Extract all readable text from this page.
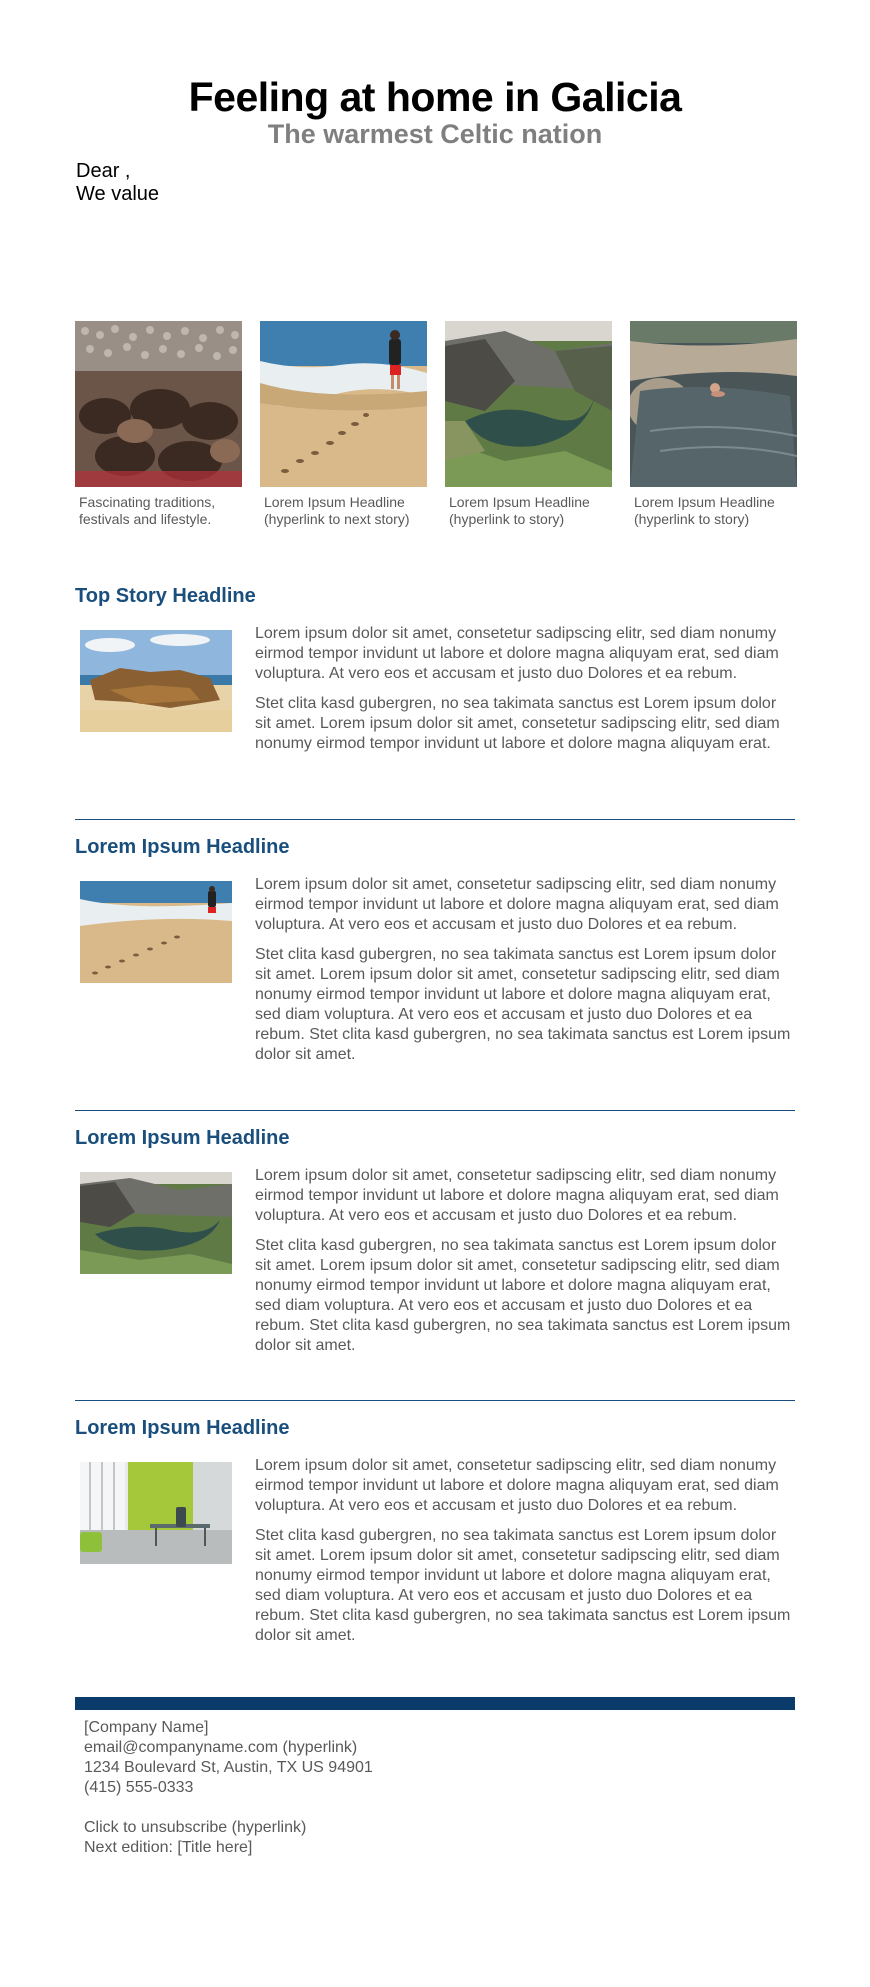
Feeling at home in Galicia
The warmest Celtic nation
Dear ,
We value
Fascinating traditions,
festivals and lifestyle.
Lorem Ipsum Headline
(hyperlink to next story)
Lorem Ipsum Headline
(hyperlink to story)
Lorem Ipsum Headline
(hyperlink to story)
Top Story Headline

Lorem ipsum dolor sit amet, consetetur sadipscing elitr, sed diam nonumy eirmod tempor invidunt ut labore et dolore magna aliquyam erat, sed diam voluptura. At vero eos et accusam et justo duo Dolores et ea rebum.

Stet clita kasd gubergren, no sea takimata sanctus est Lorem ipsum dolor sit amet. Lorem ipsum dolor sit amet, consetetur sadipscing elitr, sed diam nonumy eirmod tempor invidunt ut labore et dolore magna aliquyam erat.

Lorem Ipsum Headline

Lorem ipsum dolor sit amet, consetetur sadipscing elitr, sed diam nonumy eirmod tempor invidunt ut labore et dolore magna aliquyam erat, sed diam voluptura. At vero eos et accusam et justo duo Dolores et ea rebum.

Stet clita kasd gubergren, no sea takimata sanctus est Lorem ipsum dolor sit amet. Lorem ipsum dolor sit amet, consetetur sadipscing elitr, sed diam nonumy eirmod tempor invidunt ut labore et dolore magna aliquyam erat, sed diam voluptura. At vero eos et accusam et justo duo Dolores et ea rebum. Stet clita kasd gubergren, no sea takimata sanctus est Lorem ipsum dolor sit amet.

Lorem Ipsum Headline

Lorem ipsum dolor sit amet, consetetur sadipscing elitr, sed diam nonumy eirmod tempor invidunt ut labore et dolore magna aliquyam erat, sed diam voluptura. At vero eos et accusam et justo duo Dolores et ea rebum.

Stet clita kasd gubergren, no sea takimata sanctus est Lorem ipsum dolor sit amet. Lorem ipsum dolor sit amet, consetetur sadipscing elitr, sed diam nonumy eirmod tempor invidunt ut labore et dolore magna aliquyam erat, sed diam voluptura. At vero eos et accusam et justo duo Dolores et ea rebum. Stet clita kasd gubergren, no sea takimata sanctus est Lorem ipsum dolor sit amet.

Lorem Ipsum Headline

Lorem ipsum dolor sit amet, consetetur sadipscing elitr, sed diam nonumy eirmod tempor invidunt ut labore et dolore magna aliquyam erat, sed diam voluptura. At vero eos et accusam et justo duo Dolores et ea rebum.

Stet clita kasd gubergren, no sea takimata sanctus est Lorem ipsum dolor sit amet. Lorem ipsum dolor sit amet, consetetur sadipscing elitr, sed diam nonumy eirmod tempor invidunt ut labore et dolore magna aliquyam erat, sed diam voluptura. At vero eos et accusam et justo duo Dolores et ea rebum. Stet clita kasd gubergren, no sea takimata sanctus est Lorem ipsum dolor sit amet.

[Company Name]
email@companyname.com (hyperlink)
1234 Boulevard St, Austin, TX US 94901
(415) 555-0333
Click to unsubscribe (hyperlink)
Next edition: [Title here]
